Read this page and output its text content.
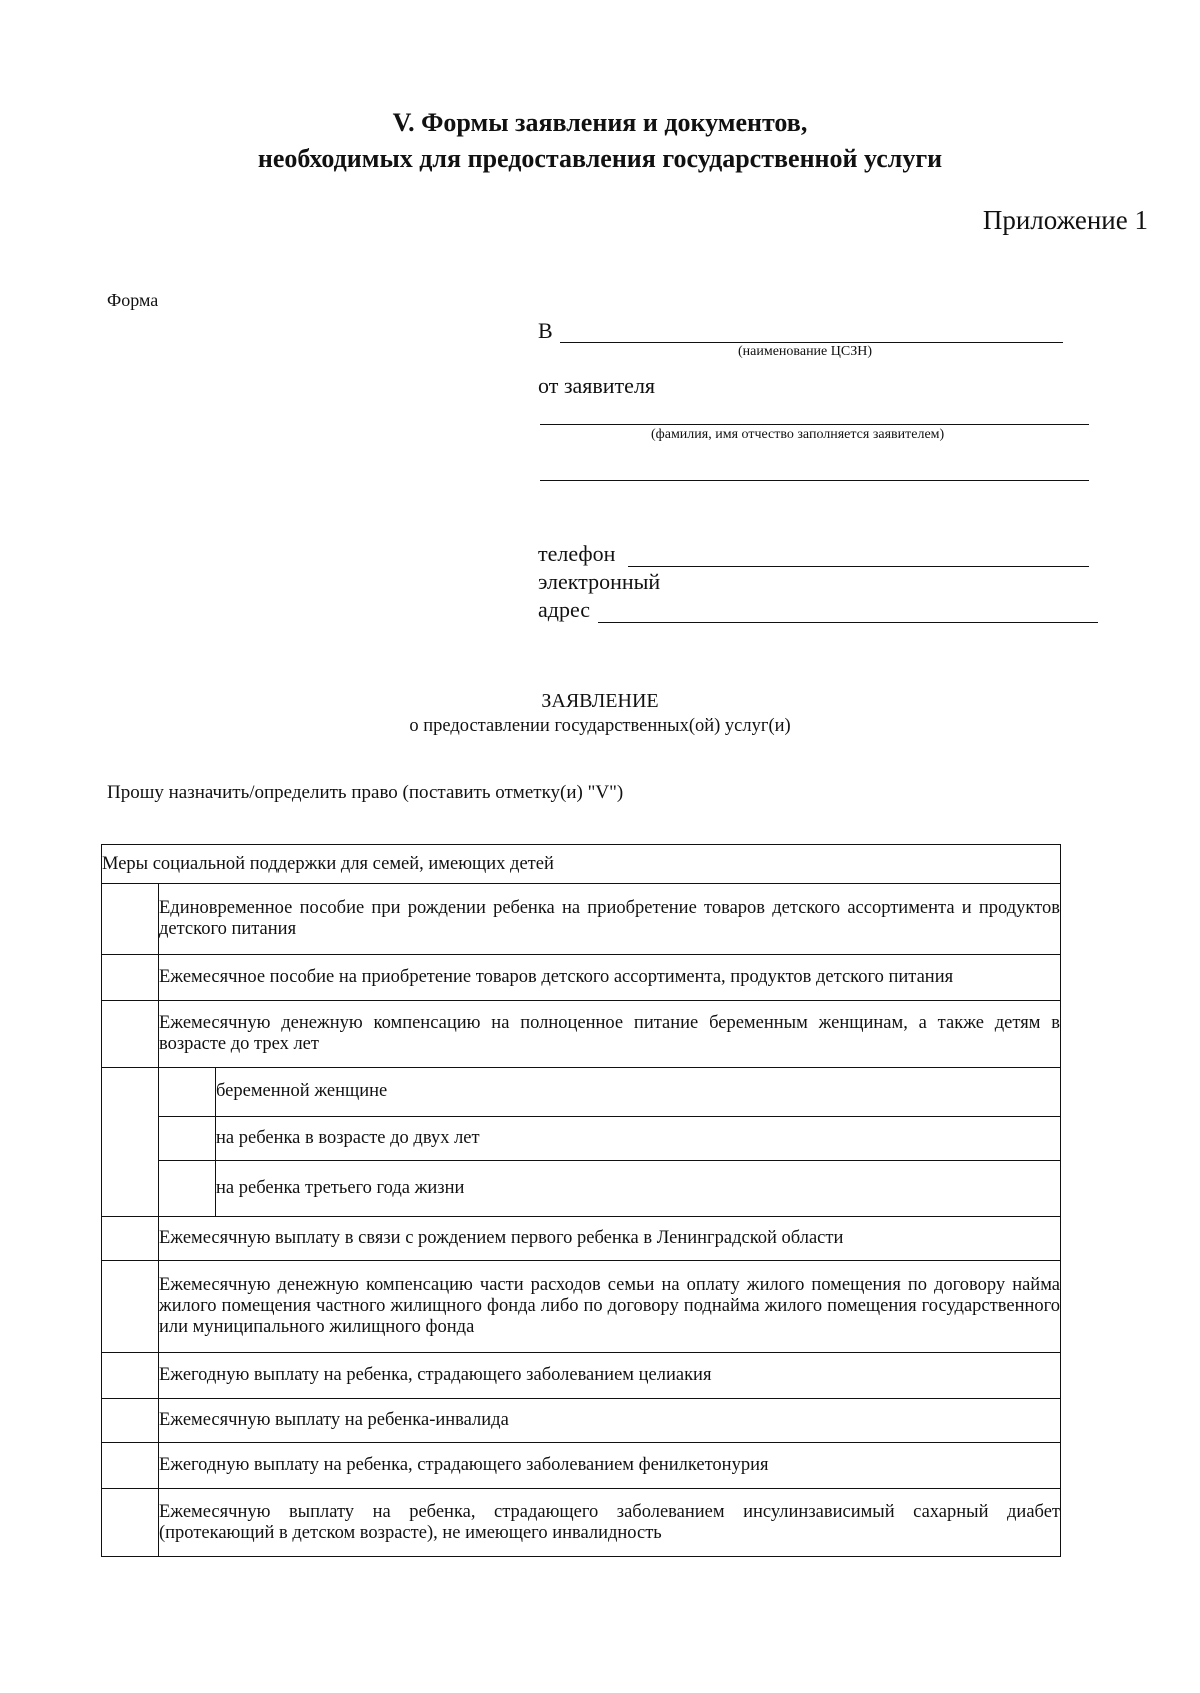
V. Формы заявления и документов,
необходимых для предоставления государственной услуги
Приложение 1
Форма
В
(наименование ЦСЗН)
от заявителя
(фамилия, имя отчество заполняется заявителем)
телефон
электронный
адрес
ЗАЯВЛЕНИЕ
о предоставлении государственных(ой) услуг(и)
Прошу назначить/определить право (поставить отметку(и) "V")
Меры социальной поддержки для семей, имеющих детей
	Единовременное пособие при рождении ребенка на приобретение товаров детского ассортимента и продуктов детского питания
	Ежемесячное пособие на приобретение товаров детского ассортимента, продуктов детского питания
	Ежемесячную денежную компенсацию на полноценное питание беременным женщинам, а также детям в возрасте до трех лет

	беременной женщине
	на ребенка в возрасте до двух лет
	на ребенка третьего года жизни

	Ежемесячную выплату в связи с рождением первого ребенка в Ленинградской области
	Ежемесячную денежную компенсацию части расходов семьи на оплату жилого помещения по договору найма жилого помещения частного жилищного фонда либо по договору поднайма жилого помещения государственного или муниципального жилищного фонда
	Ежегодную выплату на ребенка, страдающего заболеванием целиакия
	Ежемесячную выплату на ребенка-инвалида
	Ежегодную выплату на ребенка, страдающего заболеванием фенилкетонурия
	Ежемесячную выплату на ребенка, страдающего заболеванием инсулинзависимый сахарный диабет (протекающий в детском возрасте), не имеющего инвалидность
